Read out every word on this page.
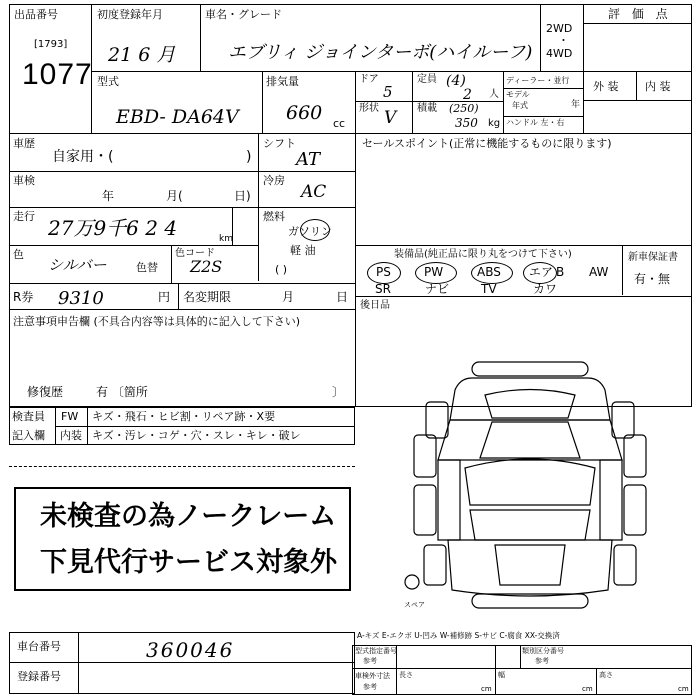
出品番号
[1793]
1077
初度登録年月
21 6 月
車名・グレード
エブリィ ジョインターボ(ハイルーフ)
2WD
・
4WD
評 価 点
型式
EBD- DA64V
排気量
660 cc
ドア
5
形状 V
定員 (4)
2 人
積載 (250)
350 kg
ディーラー・並行
モデル
年式	年
ハンドル 左・右
外 装 内 装
車歴
自家用・(	)
シフト
AT
車検
年	月(	日)
冷房
AC
走行 27万9千6 2 4	km
燃料
ガソリン
軽 油
( )
色
シルバー	色替
色コード
Z2S
R券 9310	円 名変期限	月	日
注意事項申告欄 (不具合内容等は具体的に記入して下さい)
修復歴	有 〔箇所	〕
検査員
記入欄
FW キズ・飛石・ヒビ割・リペア跡・X要
内装 キズ・汚レ・コゲ・穴・スレ・キレ・破レ
未検査の為ノークレーム
下見代行サービス対象外
車台番号	360046
登録番号
セールスポイント(正常に機能するものに限ります)
新車保証書
有・無
装備品(純正品に限り丸をつけて下さい)
PS	PW	ABS エア B AW
SR	ナビ	TV	カワ
後日品
スペア
A-キズ E-エクボ U-凹み W-補修跡 S-サビ C-腐食 XX-交換済
型式指定番号
参考
類別区分番号
参考
車検外寸法
参考
長さ
cm
幅
cm
高さ
cm
